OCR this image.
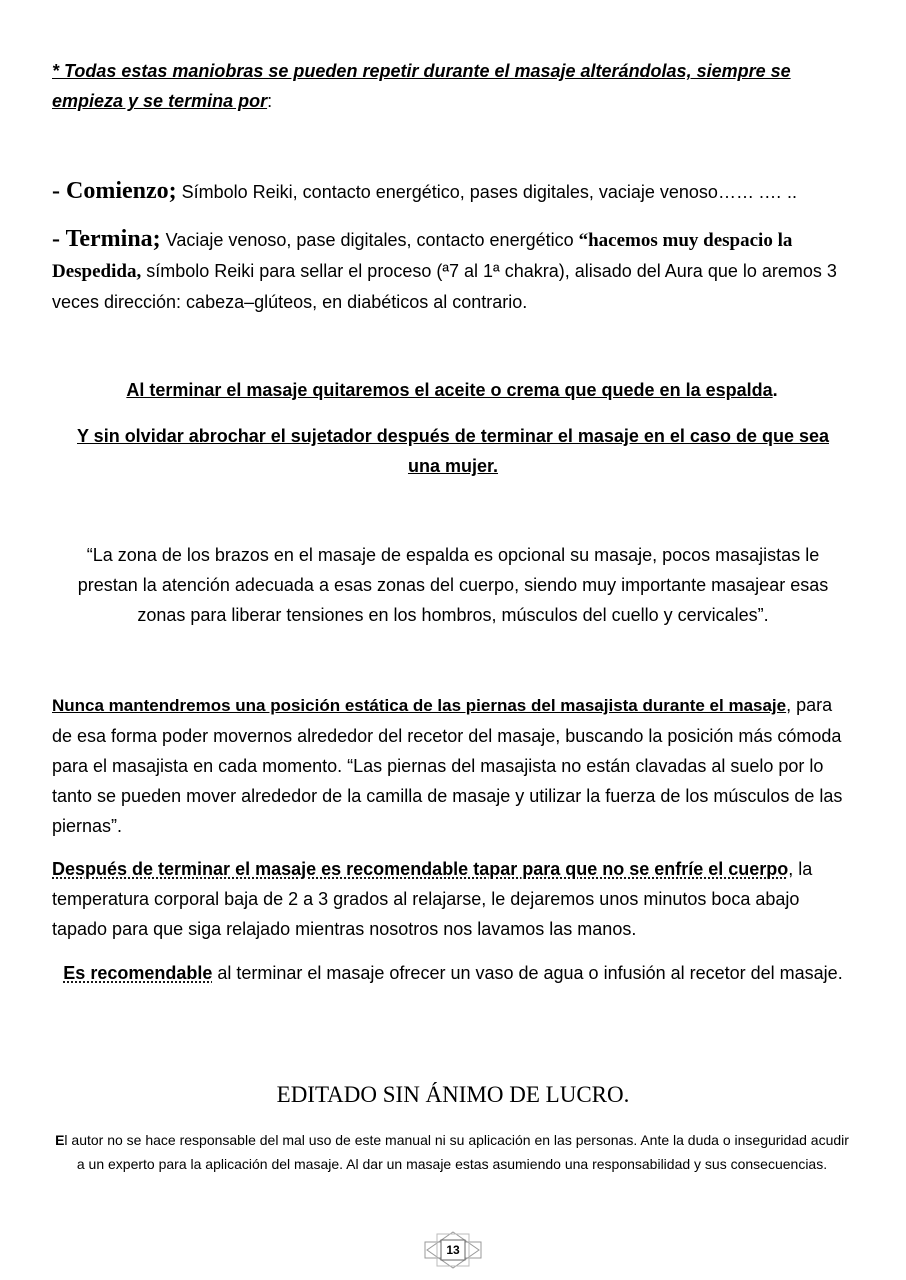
* Todas estas maniobras se pueden repetir durante el masaje alterándolas, siempre se empieza y se termina por:
- Comienzo; Símbolo Reiki, contacto energético, pases digitales, vaciaje venoso…… .… ..
- Termina; Vaciaje venoso, pase digitales, contacto energético “hacemos muy despacio la Despedida, símbolo Reiki para sellar el proceso (ª7 al 1ª chakra), alisado del Aura que lo aremos 3 veces dirección: cabeza–glúteos, en diabéticos al contrario.
Al terminar el masaje quitaremos el aceite o crema que quede en la espalda.
Y sin olvidar abrochar el sujetador después de terminar el masaje en el caso de que sea una mujer.
“La zona de los brazos en el masaje de espalda es opcional su masaje, pocos masajistas le prestan la atención adecuada a esas zonas del cuerpo, siendo muy importante masajear esas zonas para liberar tensiones en los hombros, músculos del cuello y cervicales”.
Nunca mantendremos una posición estática de las piernas del masajista durante el masaje, para de esa forma poder movernos alrededor del recetor del masaje, buscando la posición más cómoda para el masajista en cada momento. “Las piernas del masajista no están clavadas al suelo por lo tanto se pueden mover alrededor de la camilla de masaje y utilizar la fuerza de los músculos de las piernas”.
Después de terminar el masaje es recomendable tapar para que no se enfríe el cuerpo, la temperatura corporal baja de 2 a 3 grados al relajarse, le dejaremos unos minutos boca abajo tapado para que siga relajado mientras nosotros nos lavamos las manos.
Es recomendable al terminar el masaje ofrecer un vaso de agua o infusión al recetor del masaje.
EDITADO SIN ÁNIMO DE LUCRO.
El autor no se hace responsable del mal uso de este manual ni su aplicación en las personas. Ante la duda o inseguridad acudir a un experto para la aplicación del masaje. Al dar un masaje estas asumiendo una responsabilidad y sus consecuencias.
13
